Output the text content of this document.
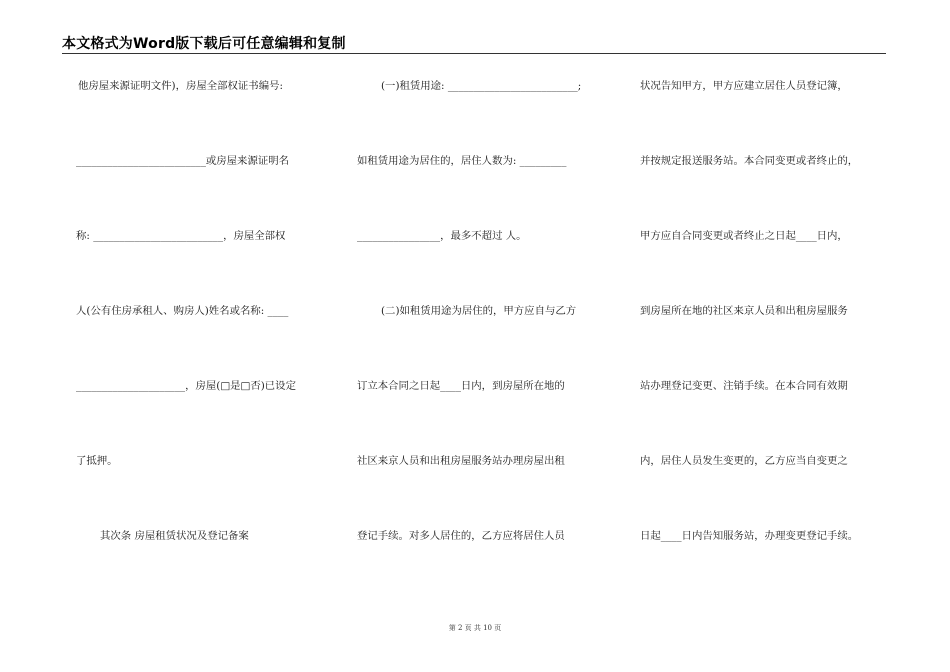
本文格式为Word版下载后可任意编辑和复制
他房屋来源证明文件)，房屋全部权证书编号:
_________________________或房屋来源证明名
称: _________________________，房屋全部权
人(公有住房承租人、购房人)姓名或名称: ____
_____________________，房屋(□是□否)已设定
了抵押。
其次条 房屋租赁状况及登记备案
(一)租赁用途: _________________________;
如租赁用途为居住的，居住人数为: _________
________________，最多不超过 人。
(二)如租赁用途为居住的，甲方应自与乙方
订立本合同之日起____日内，到房屋所在地的
社区来京人员和出租房屋服务站办理房屋出租
登记手续。对多人居住的，乙方应将居住人员
状况告知甲方，甲方应建立居住人员登记簿，
并按规定报送服务站。本合同变更或者终止的，
甲方应自合同变更或者终止之日起____日内，
到房屋所在地的社区来京人员和出租房屋服务
站办理登记变更、注销手续。在本合同有效期
内，居住人员发生变更的，乙方应当自变更之
日起____日内告知服务站，办理变更登记手续。
第 2 页 共 10 页
